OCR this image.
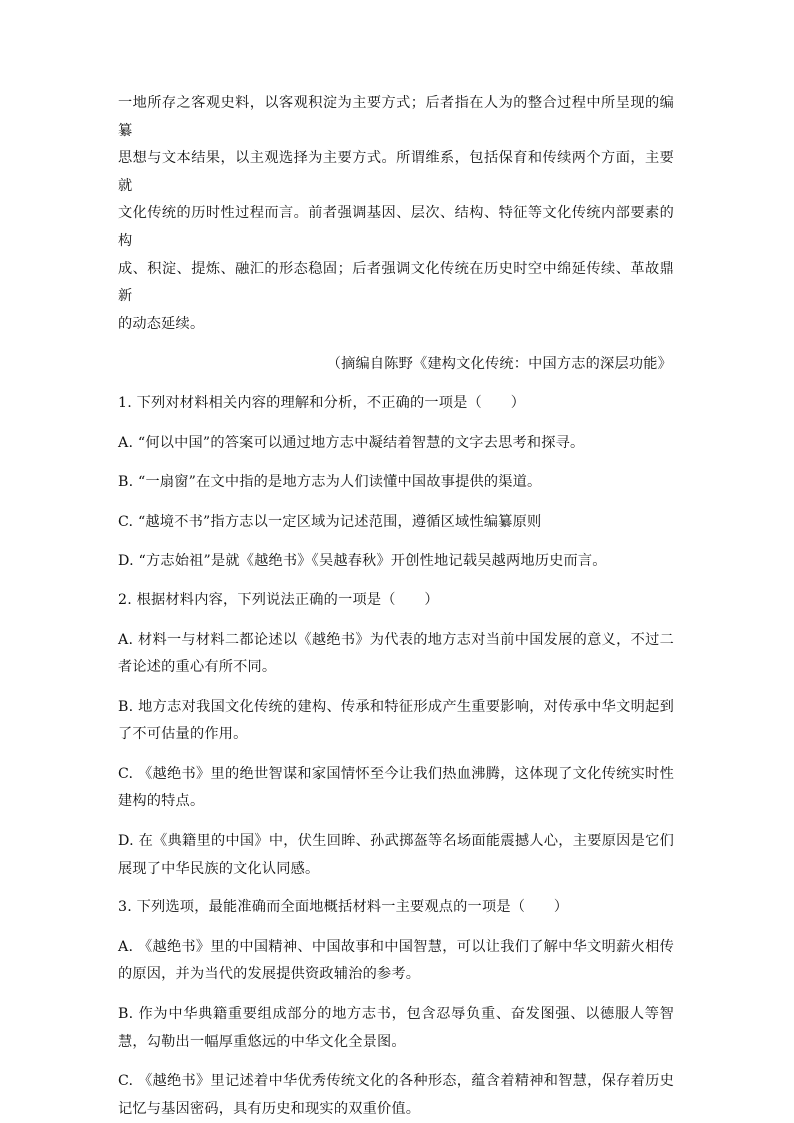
一地所存之客观史料，以客观积淀为主要方式；后者指在人为的整合过程中所呈现的编纂

思想与文本结果，以主观选择为主要方式。所谓维系，包括保育和传续两个方面，主要就

文化传统的历时性过程而言。前者强调基因、层次、结构、特征等文化传统内部要素的构

成、积淀、提炼、融汇的形态稳固；后者强调文化传统在历史时空中绵延传续、革故鼎新

的动态延续。

（摘编自陈野《建构文化传统：中国方志的深层功能》

1. 下列对材料相关内容的理解和分析，不正确的一项是（　　）

A. “何以中国”的答案可以通过地方志中凝结着智慧的文字去思考和探寻。

B. “一扇窗”在文中指的是地方志为人们读懂中国故事提供的渠道。

C. “越境不书”指方志以一定区域为记述范围，遵循区域性编纂原则

D. “方志始祖”是就《越绝书》《吴越春秋》开创性地记载吴越两地历史而言。

2. 根据材料内容，下列说法正确的一项是（　　）

A. 材料一与材料二都论述以《越绝书》为代表的地方志对当前中国发展的意义，不过二者论述的重心有所不同。

B. 地方志对我国文化传统的建构、传承和特征形成产生重要影响，对传承中华文明起到了不可估量的作用。

C. 《越绝书》里的绝世智谋和家国情怀至今让我们热血沸腾，这体现了文化传统实时性建构的特点。

D. 在《典籍里的中国》中，伏生回眸、孙武掷盔等名场面能震撼人心，主要原因是它们展现了中华民族的文化认同感。

3. 下列选项，最能准确而全面地概括材料一主要观点的一项是（　　）

A. 《越绝书》里的中国精神、中国故事和中国智慧，可以让我们了解中华文明薪火相传的原因，并为当代的发展提供资政辅治的参考。

B. 作为中华典籍重要组成部分的地方志书，包含忍辱负重、奋发图强、以德服人等智慧，勾勒出一幅厚重悠远的中华文化全景图。

C. 《越绝书》里记述着中华优秀传统文化的各种形态，蕴含着精神和智慧，保存着历史记忆与基因密码，具有历史和现实的双重价值。
